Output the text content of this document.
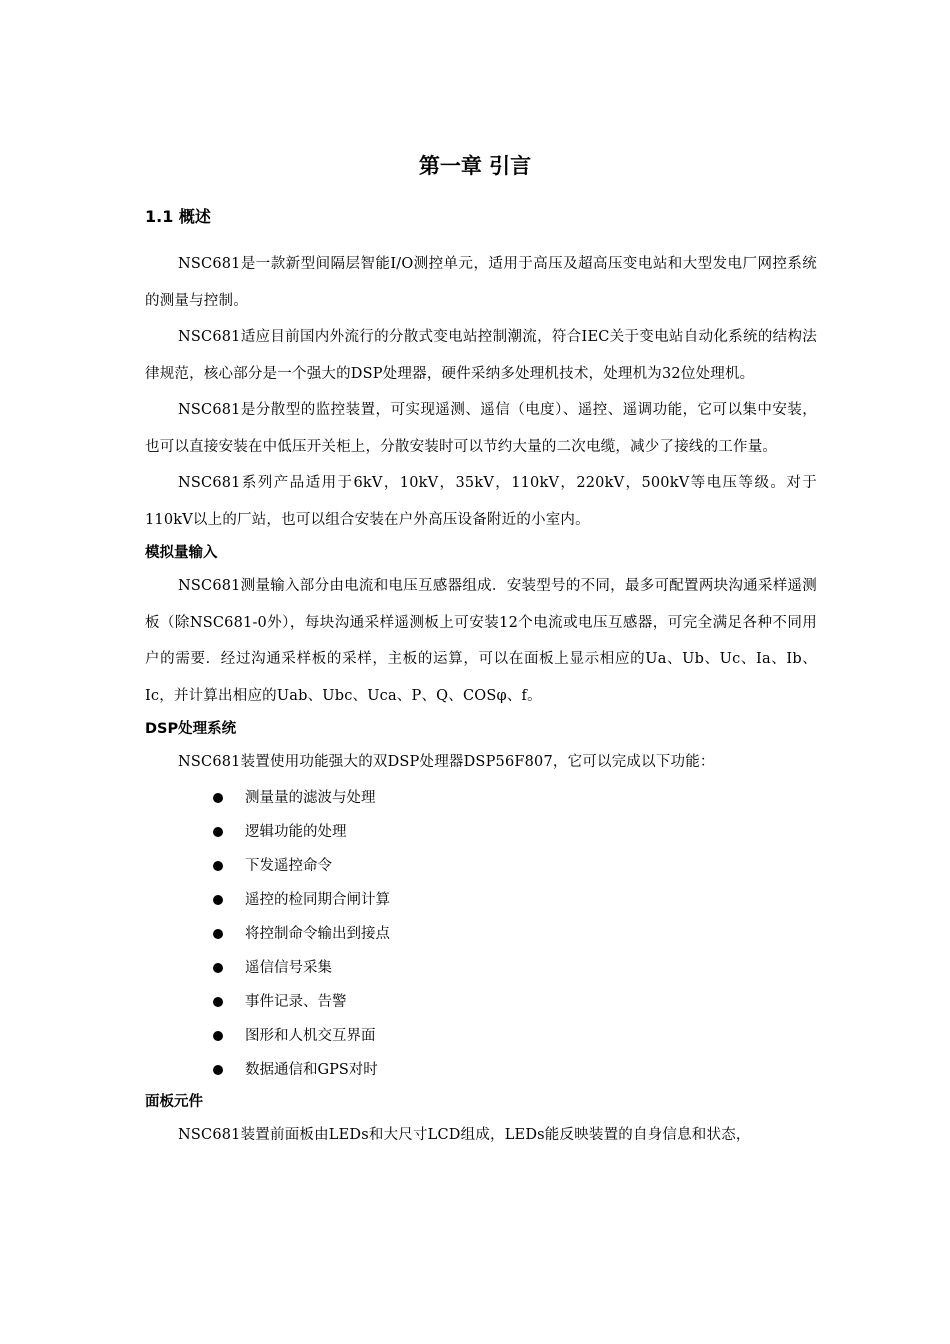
第一章 引言
1.1 概述

NSC681是一款新型间隔层智能I/O测控单元，适用于高压及超高压变电站和大型发电厂网控系统的测量与控制。

NSC681适应目前国内外流行的分散式变电站控制潮流，符合IEC关于变电站自动化系统的结构法律规范，核心部分是一个强大的DSP处理器，硬件采纳多处理机技术，处理机为32位处理机。

NSC681是分散型的监控装置，可实现遥测、遥信（电度）、遥控、遥调功能，它可以集中安装，也可以直接安装在中低压开关柜上，分散安装时可以节约大量的二次电缆，减少了接线的工作量。

NSC681系列产品适用于6kV，10kV，35kV，110kV，220kV，500kV等电压等级。对于110kV以上的厂站，也可以组合安装在户外高压设备附近的小室内。

模拟量输入

NSC681测量输入部分由电流和电压互感器组成．安装型号的不同，最多可配置两块沟通采样遥测板（除NSC681-0外），每块沟通采样遥测板上可安装12个电流或电压互感器，可完全满足各种不同用户的需要．经过沟通采样板的采样，主板的运算，可以在面板上显示相应的Ua、Ub、Uc、Ia、Ib、Ic，并计算出相应的Uab、Ubc、Uca、P、Q、COSφ、f。

DSP处理系统

NSC681装置使用功能强大的双DSP处理器DSP56F807，它可以完成以下功能：

测量量的滤波与处理
逻辑功能的处理
下发遥控命令
遥控的检同期合闸计算
将控制命令输出到接点
遥信信号采集
事件记录、告警
图形和人机交互界面
数据通信和GPS对时
面板元件

NSC681装置前面板由LEDs和大尺寸LCD组成，LEDs能反映装置的自身信息和状态，
